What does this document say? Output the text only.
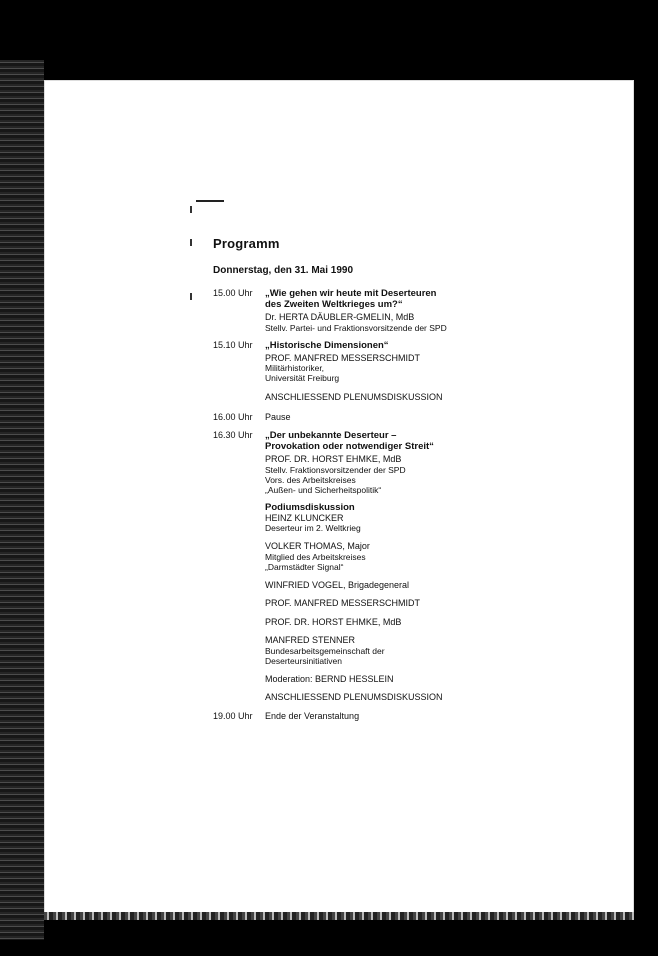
Programm
Donnerstag, den 31. Mai 1990
15.00 Uhr	„Wie gehen wir heute mit Deserteuren
des Zweiten Weltkrieges um?“
Dr. HERTA DÄUBLER-GMELIN, MdB
Stellv. Partei- und Fraktionsvorsitzende der SPD
15.10 Uhr	„Historische Dimensionen“
PROF. MANFRED MESSERSCHMIDT
Militärhistoriker,
Universität Freiburg
ANSCHLIESSEND PLENUMSDISKUSSION
16.00 Uhr	Pause
16.30 Uhr	„Der unbekannte Deserteur –
Provokation oder notwendiger Streit“
PROF. DR. HORST EHMKE, MdB
Stellv. Fraktionsvorsitzender der SPD
Vors. des Arbeitskreises
„Außen- und Sicherheitspolitik“
Podiumsdiskussion
HEINZ KLUNCKER
Deserteur im 2. Weltkrieg
VOLKER THOMAS, Major
Mitglied des Arbeitskreises
„Darmstädter Signal“
WINFRIED VOGEL, Brigadegeneral
PROF. MANFRED MESSERSCHMIDT
PROF. DR. HORST EHMKE, MdB
MANFRED STENNER
Bundesarbeitsgemeinschaft der
Deserteursinitiativen
Moderation: BERND HESSLEIN
ANSCHLIESSEND PLENUMSDISKUSSION
19.00 Uhr	Ende der Veranstaltung
